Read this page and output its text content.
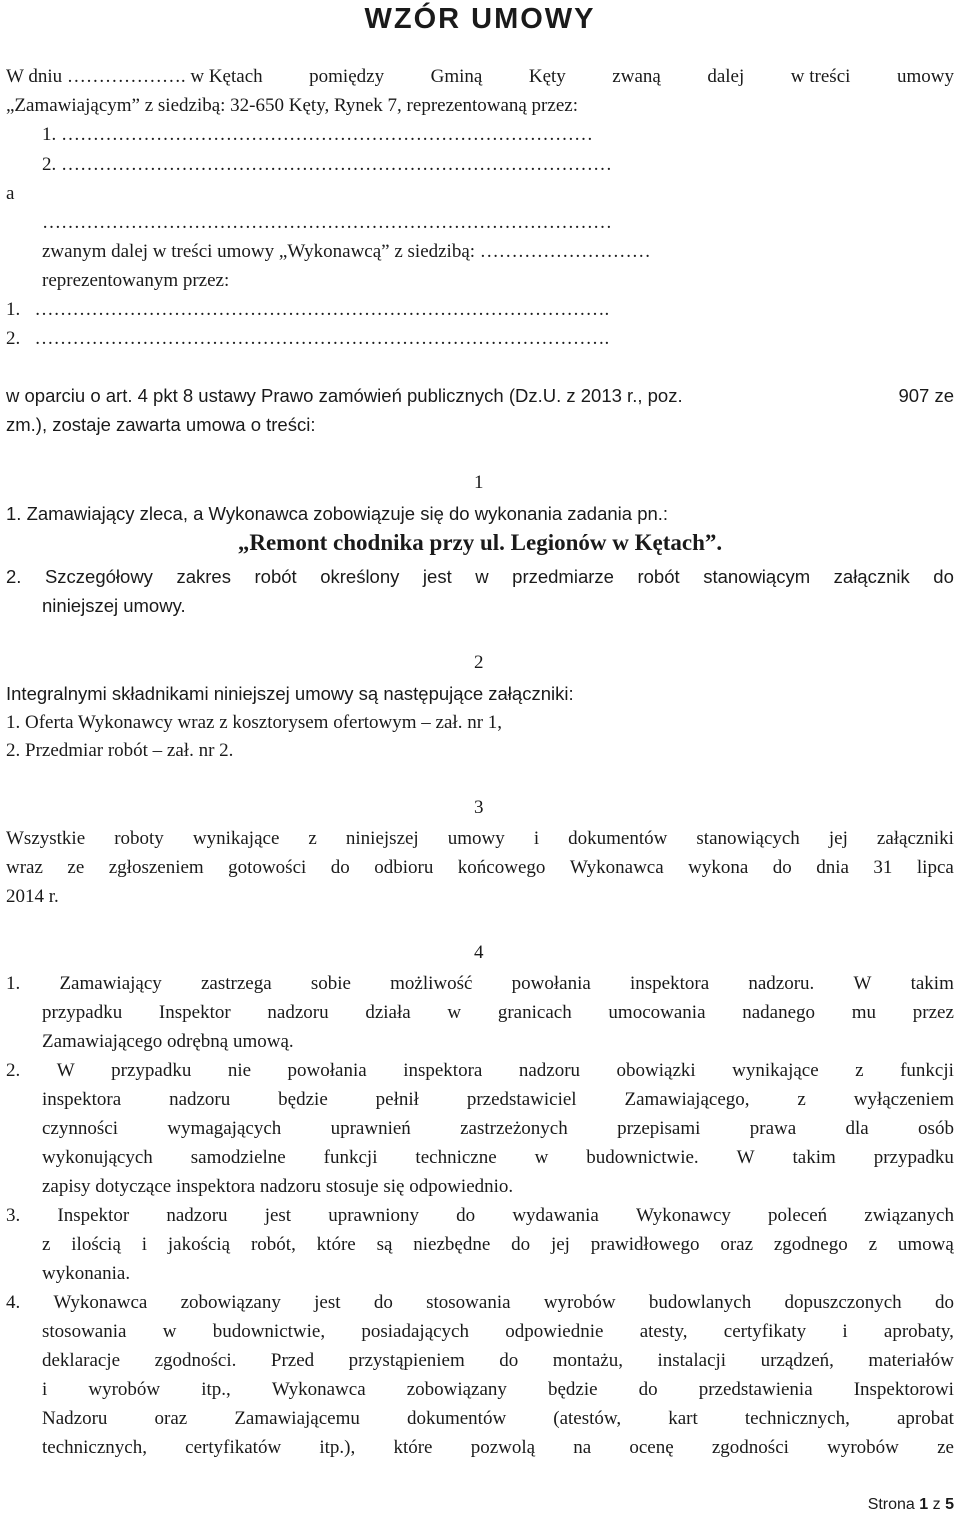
WZÓR UMOWY
W dniu ………………. w Kętach pomiędzy Gminą Kęty zwaną dalej w treści umowy
„Zamawiającym” z siedzibą: 32-650 Kęty, Rynek 7, reprezentowaną przez:
1. …………………………………………………………………………
2. ……………………………………………………………………………
a
………………………………………………………………………………
zwanym dalej w treści umowy „Wykonawcą” z siedzibą: ………………………
reprezentowanym przez:
1.   ……………………………………………………………………………….
2.   ……………………………………………………………………………….
w oparciu o art. 4 pkt 8 ustawy Prawo zamówień publicznych (Dz.U. z 2013 r., poz.	907 ze
zm.), zostaje zawarta umowa o treści:
1
1. Zamawiający zleca, a Wykonawca zobowiązuje się do wykonania zadania pn.:
„Remont chodnika przy ul. Legionów w Kętach”.
2. Szczegółowy zakres robót określony jest w przedmiarze robót stanowiącym załącznik do
niniejszej umowy.
2
Integralnymi składnikami niniejszej umowy są następujące załączniki:
1. Oferta Wykonawcy wraz z kosztorysem ofertowym – zał. nr 1,
2. Przedmiar robót – zał. nr 2.
3
Wszystkie roboty wynikające z niniejszej umowy i dokumentów stanowiących jej załączniki
wraz ze zgłoszeniem gotowości do odbioru końcowego Wykonawca wykona do dnia 31 lipca
2014 r.
4
1. Zamawiający zastrzega sobie możliwość powołania inspektora nadzoru. W takim
przypadku Inspektor nadzoru działa w granicach umocowania nadanego mu przez
Zamawiającego odrębną umową.
2. W przypadku nie powołania inspektora nadzoru obowiązki wynikające z funkcji
inspektora	nadzoru	będzie	pełnił	przedstawiciel	Zamawiającego,	z	wyłączeniem
czynności	wymagających	uprawnień	zastrzeżonych	przepisami	prawa	dla	osób
wykonujących samodzielne funkcji techniczne w budownictwie. W takim przypadku
zapisy dotyczące inspektora nadzoru stosuje się odpowiednio.
3. Inspektor nadzoru jest uprawniony do wydawania Wykonawcy poleceń związanych
z ilością i jakością robót, które są niezbędne do jej prawidłowego oraz zgodnego z umową
wykonania.
4. Wykonawca zobowiązany jest do stosowania wyrobów budowlanych dopuszczonych do
stosowania w budownictwie, posiadających odpowiednie atesty, certyfikaty i aprobaty,
deklaracje zgodności. Przed przystąpieniem do montażu, instalacji urządzeń, materiałów
i wyrobów itp., Wykonawca zobowiązany będzie do przedstawienia Inspektorowi
Nadzoru oraz Zamawiającemu dokumentów (atestów, kart technicznych, aprobat
technicznych, certyfikatów itp.), które pozwolą na ocenę zgodności wyrobów ze
Strona 1 z 5
